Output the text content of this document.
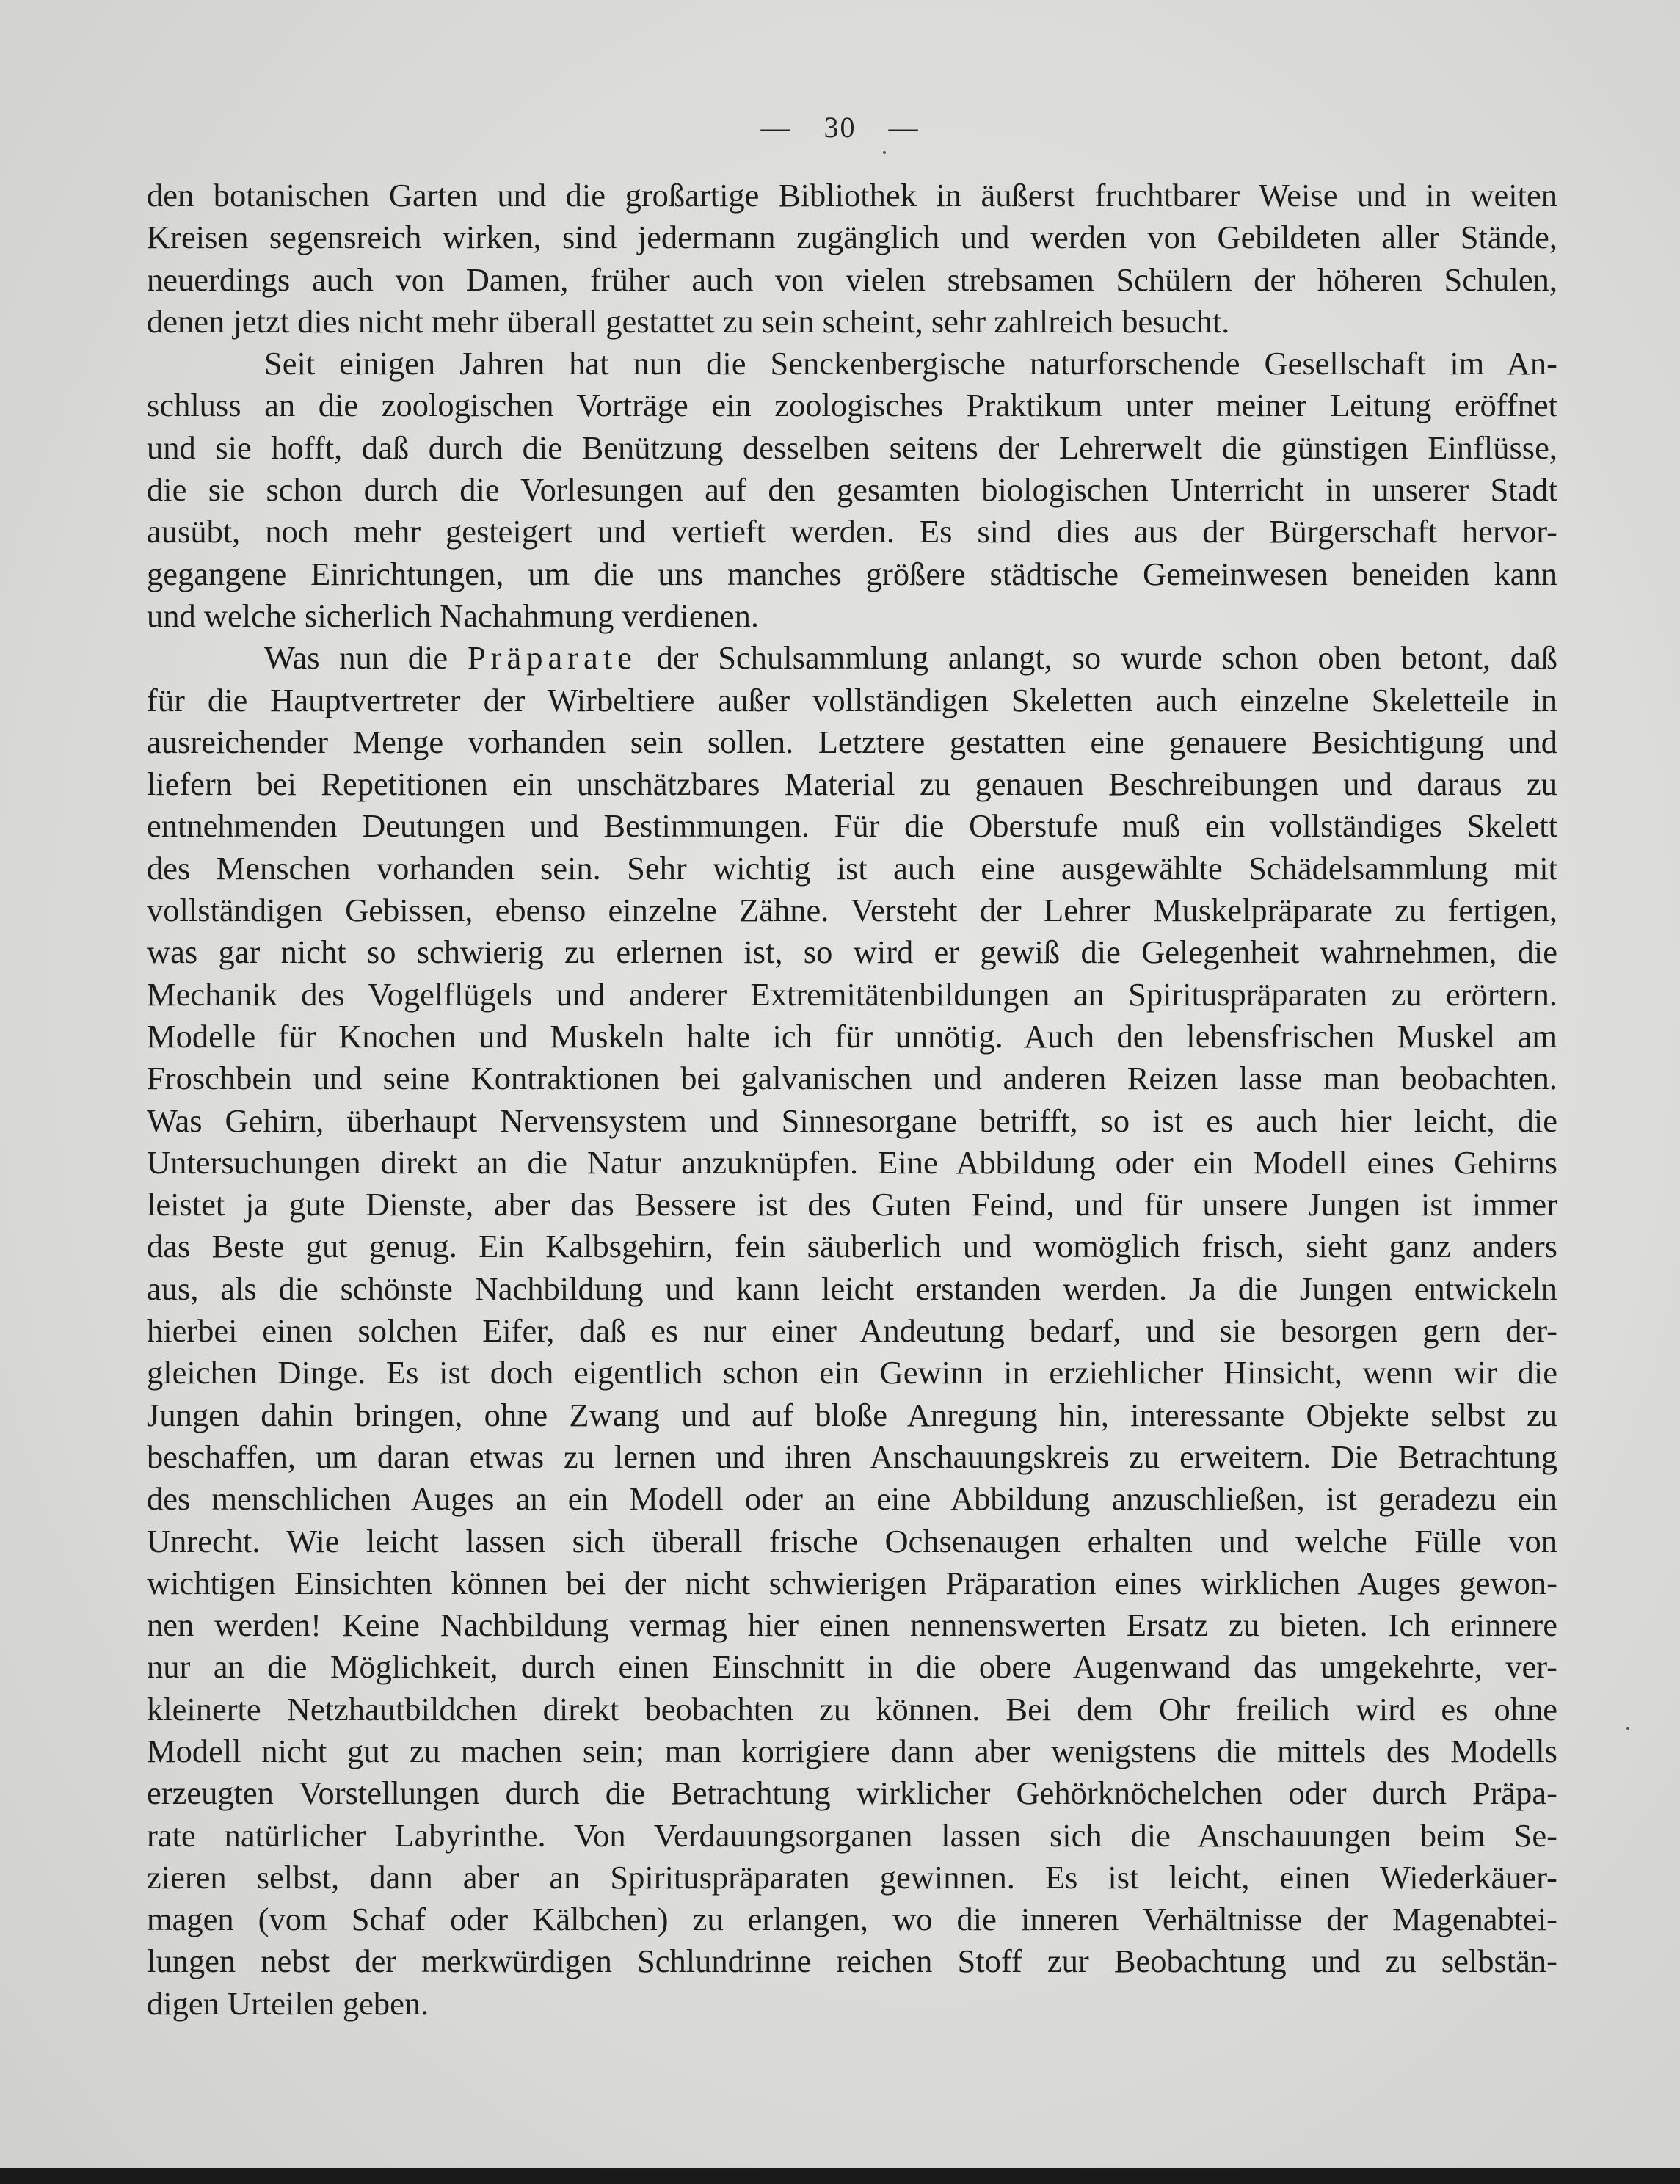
— 30 —
den botanischen Garten und die großartige Bibliothek in äußerst fruchtbarer Weise und in weiten
Kreisen segensreich wirken, sind jedermann zugänglich und werden von Gebildeten aller Stände,
neuerdings auch von Damen, früher auch von vielen strebsamen Schülern der höheren Schulen,
denen jetzt dies nicht mehr überall gestattet zu sein scheint, sehr zahlreich besucht.
Seit einigen Jahren hat nun die Senckenbergische naturforschende Gesellschaft im An-
schluss an die zoologischen Vorträge ein zoologisches Praktikum unter meiner Leitung eröffnet
und sie hofft, daß durch die Benützung desselben seitens der Lehrerwelt die günstigen Einflüsse,
die sie schon durch die Vorlesungen auf den gesamten biologischen Unterricht in unserer Stadt
ausübt, noch mehr gesteigert und vertieft werden. Es sind dies aus der Bürgerschaft hervor-
gegangene Einrichtungen, um die uns manches größere städtische Gemeinwesen beneiden kann
und welche sicherlich Nachahmung verdienen.
Was nun die Präparate der Schulsammlung anlangt, so wurde schon oben betont, daß
für die Hauptvertreter der Wirbeltiere außer vollständigen Skeletten auch einzelne Skeletteile in
ausreichender Menge vorhanden sein sollen. Letztere gestatten eine genauere Besichtigung und
liefern bei Repetitionen ein unschätzbares Material zu genauen Beschreibungen und daraus zu
entnehmenden Deutungen und Bestimmungen. Für die Oberstufe muß ein vollständiges Skelett
des Menschen vorhanden sein. Sehr wichtig ist auch eine ausgewählte Schädelsammlung mit
vollständigen Gebissen, ebenso einzelne Zähne. Versteht der Lehrer Muskelpräparate zu fertigen,
was gar nicht so schwierig zu erlernen ist, so wird er gewiß die Gelegenheit wahrnehmen, die
Mechanik des Vogelflügels und anderer Extremitätenbildungen an Spirituspräparaten zu erörtern.
Modelle für Knochen und Muskeln halte ich für unnötig. Auch den lebensfrischen Muskel am
Froschbein und seine Kontraktionen bei galvanischen und anderen Reizen lasse man beobachten.
Was Gehirn, überhaupt Nervensystem und Sinnesorgane betrifft, so ist es auch hier leicht, die
Untersuchungen direkt an die Natur anzuknüpfen. Eine Abbildung oder ein Modell eines Gehirns
leistet ja gute Dienste, aber das Bessere ist des Guten Feind, und für unsere Jungen ist immer
das Beste gut genug. Ein Kalbsgehirn, fein säuberlich und womöglich frisch, sieht ganz anders
aus, als die schönste Nachbildung und kann leicht erstanden werden. Ja die Jungen entwickeln
hierbei einen solchen Eifer, daß es nur einer Andeutung bedarf, und sie besorgen gern der-
gleichen Dinge. Es ist doch eigentlich schon ein Gewinn in erziehlicher Hinsicht, wenn wir die
Jungen dahin bringen, ohne Zwang und auf bloße Anregung hin, interessante Objekte selbst zu
beschaffen, um daran etwas zu lernen und ihren Anschauungskreis zu erweitern. Die Betrachtung
des menschlichen Auges an ein Modell oder an eine Abbildung anzuschließen, ist geradezu ein
Unrecht. Wie leicht lassen sich überall frische Ochsenaugen erhalten und welche Fülle von
wichtigen Einsichten können bei der nicht schwierigen Präparation eines wirklichen Auges gewon-
nen werden! Keine Nachbildung vermag hier einen nennenswerten Ersatz zu bieten. Ich erinnere
nur an die Möglichkeit, durch einen Einschnitt in die obere Augenwand das umgekehrte, ver-
kleinerte Netzhautbildchen direkt beobachten zu können. Bei dem Ohr freilich wird es ohne
Modell nicht gut zu machen sein; man korrigiere dann aber wenigstens die mittels des Modells
erzeugten Vorstellungen durch die Betrachtung wirklicher Gehörknöchelchen oder durch Präpa-
rate natürlicher Labyrinthe. Von Verdauungsorganen lassen sich die Anschauungen beim Se-
zieren selbst, dann aber an Spirituspräparaten gewinnen. Es ist leicht, einen Wiederkäuer-
magen (vom Schaf oder Kälbchen) zu erlangen, wo die inneren Verhältnisse der Magenabtei-
lungen nebst der merkwürdigen Schlundrinne reichen Stoff zur Beobachtung und zu selbstän-
digen Urteilen geben.
